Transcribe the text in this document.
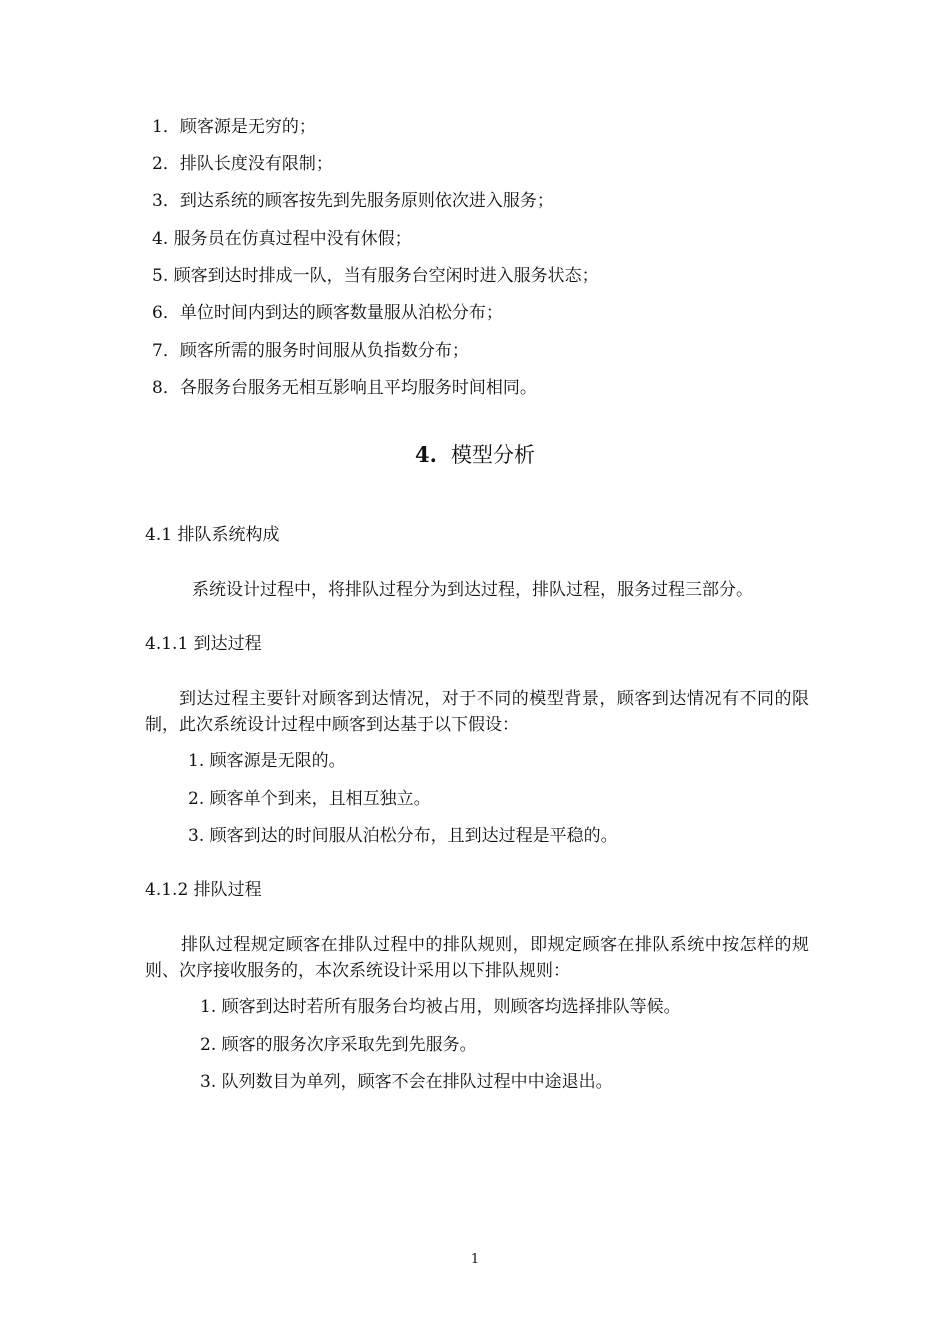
1．顾客源是无穷的；
2．排队长度没有限制；
3．到达系统的顾客按先到先服务原则依次进入服务；
4. 服务员在仿真过程中没有休假；
5. 顾客到达时排成一队，当有服务台空闲时进入服务状态；
6．单位时间内到达的顾客数量服从泊松分布；
7．顾客所需的服务时间服从负指数分布；
8．各服务台服务无相互影响且平均服务时间相同。
4. 模型分析
4.1 排队系统构成
系统设计过程中，将排队过程分为到达过程，排队过程，服务过程三部分。
4.1.1 到达过程
到达过程主要针对顾客到达情况，对于不同的模型背景，顾客到达情况有不同的限制，此次系统设计过程中顾客到达基于以下假设：
1. 顾客源是无限的。
2. 顾客单个到来，且相互独立。
3. 顾客到达的时间服从泊松分布，且到达过程是平稳的。
4.1.2 排队过程
排队过程规定顾客在排队过程中的排队规则，即规定顾客在排队系统中按怎样的规则、次序接收服务的，本次系统设计采用以下排队规则：
1. 顾客到达时若所有服务台均被占用，则顾客均选择排队等候。
2. 顾客的服务次序采取先到先服务。
3. 队列数目为单列，顾客不会在排队过程中中途退出。
1
